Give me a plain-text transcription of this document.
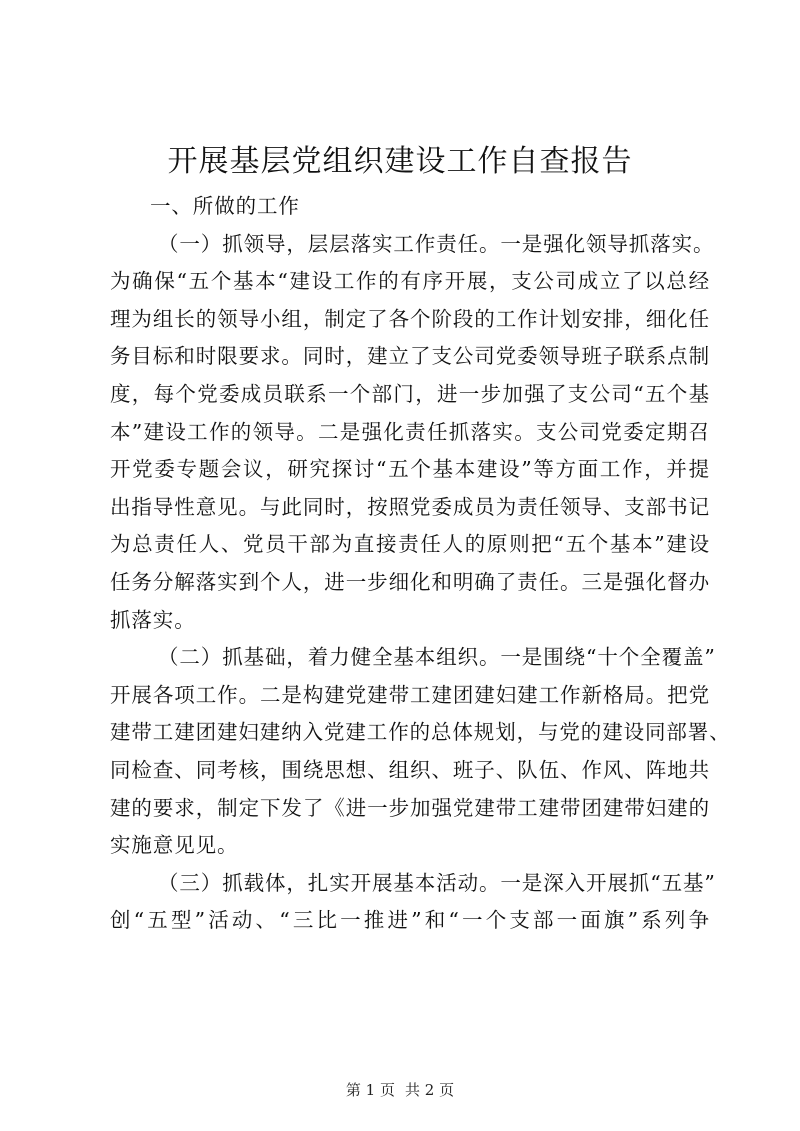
开展基层党组织建设工作自查报告
一、所做的工作
（一）抓领导，层层落实工作责任。一是强化领导抓落实。
为确保“五个基本“建设工作的有序开展，支公司成立了以总经
理为组长的领导小组，制定了各个阶段的工作计划安排，细化任
务目标和时限要求。同时，建立了支公司党委领导班子联系点制
度，每个党委成员联系一个部门，进一步加强了支公司“五个基
本”建设工作的领导。二是强化责任抓落实。支公司党委定期召
开党委专题会议，研究探讨“五个基本建设”等方面工作，并提
出指导性意见。与此同时，按照党委成员为责任领导、支部书记
为总责任人、党员干部为直接责任人的原则把“五个基本”建设
任务分解落实到个人，进一步细化和明确了责任。三是强化督办
抓落实。
（二）抓基础，着力健全基本组织。一是围绕“十个全覆盖”
开展各项工作。二是构建党建带工建团建妇建工作新格局。把党
建带工建团建妇建纳入党建工作的总体规划，与党的建设同部署、
同检查、同考核，围绕思想、组织、班子、队伍、作风、阵地共
建的要求，制定下发了《进一步加强党建带工建带团建带妇建的
实施意见见。
（三）抓载体，扎实开展基本活动。一是深入开展抓“五基”
创“五型”活动、“三比一推进”和“一个支部一面旗”系列争
第 1 页 共 2 页
